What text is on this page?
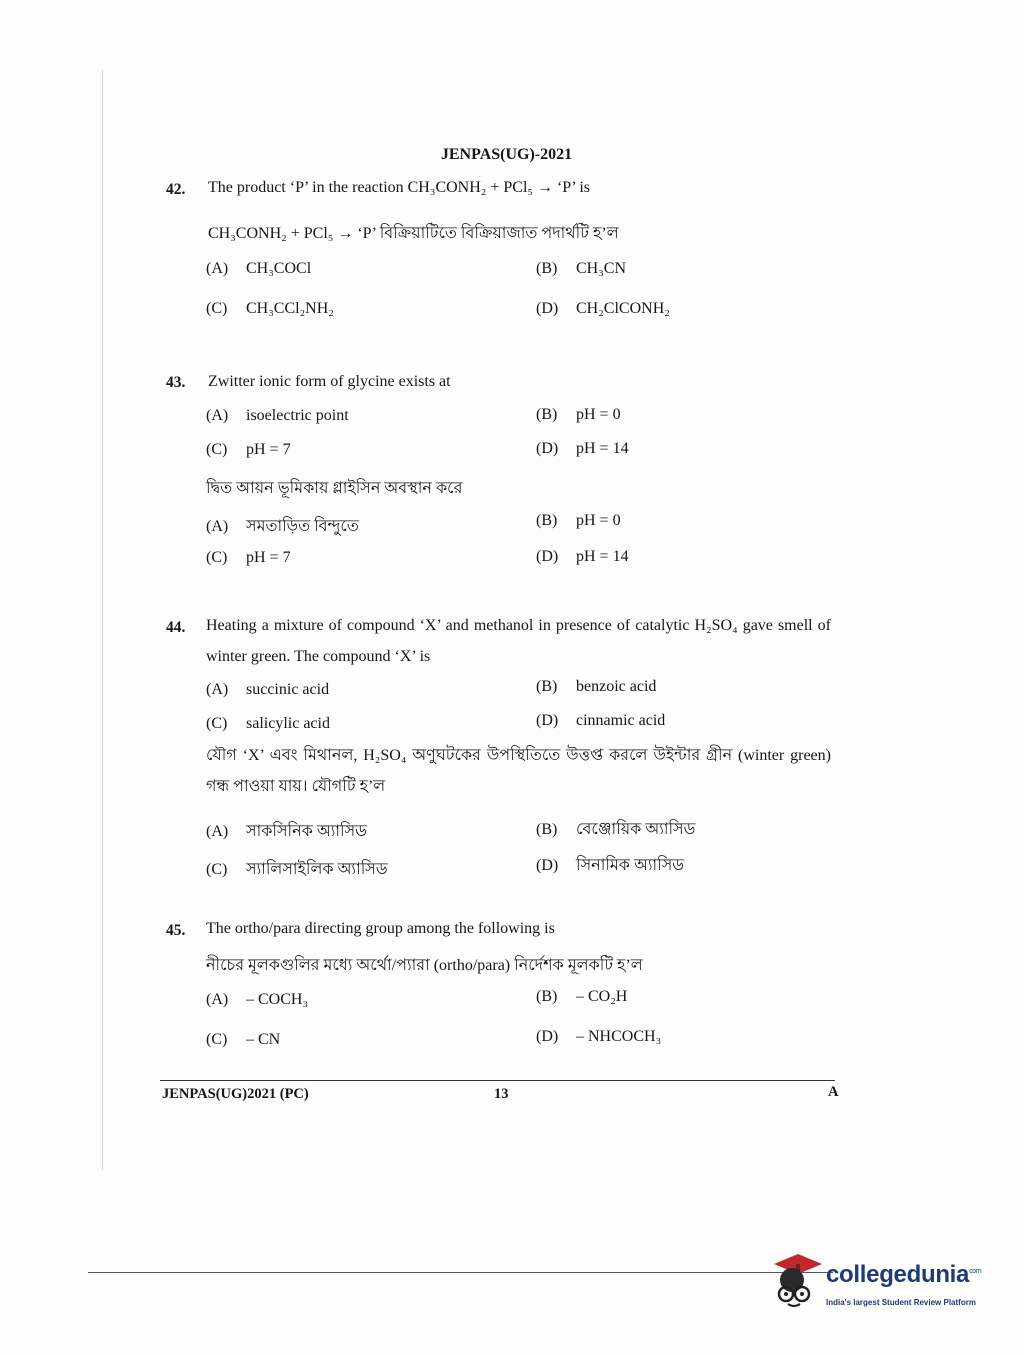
JENPAS(UG)-2021
42. The product ‘P’ in the reaction CH₃CONH₂ + PCl₅ → ‘P’ is
CH₃CONH₂ + PCl₅ → ‘P’ বিক্রিয়াটিতে বিক্রিয়াজাত পদার্থটি হ’ল
(A) CH₃COCl	(B) CH₃CN
(C) CH₃CCl₂NH₂	(D) CH₂ClCONH₂
43. Zwitter ionic form of glycine exists at
(A) isoelectric point	(B) pH = 0
(C) pH = 7	(D) pH = 14
দ্বিত আয়ন ভূমিকায় গ্লাইসিন অবস্থান করে
(A) সমতাড়িত বিন্দুতে	(B) pH = 0
(C) pH = 7	(D) pH = 14
44. Heating a mixture of compound ‘X’ and methanol in presence of catalytic H₂SO₄ gave smell of winter green. The compound ‘X’ is
(A) succinic acid	(B) benzoic acid
(C) salicylic acid	(D) cinnamic acid
যৌগ ‘X’ এবং মিথানল, H₂SO₄ অণুঘটকের উপস্থিতিতে উত্তপ্ত করলে উইন্টার গ্রীন (winter green) গন্ধ পাওয়া যায়। যৌগটি হ’ল
(A) সাকসিনিক অ্যাসিড	(B) বেঞ্জোয়িক অ্যাসিড
(C) স্যালিসাইলিক অ্যাসিড	(D) সিনামিক অ্যাসিড
45. The ortho/para directing group among the following is
নীচের মূলকগুলির মধ্যে অর্থো/প্যারা (ortho/para) নির্দেশক মূলকটি হ’ল
(A) – COCH₃	(B) – CO₂H
(C) – CN	(D) – NHCOCH₃
JENPAS(UG)2021 (PC)	13	A
collegedunia$^{com}$
India's largest Student Review Platform
